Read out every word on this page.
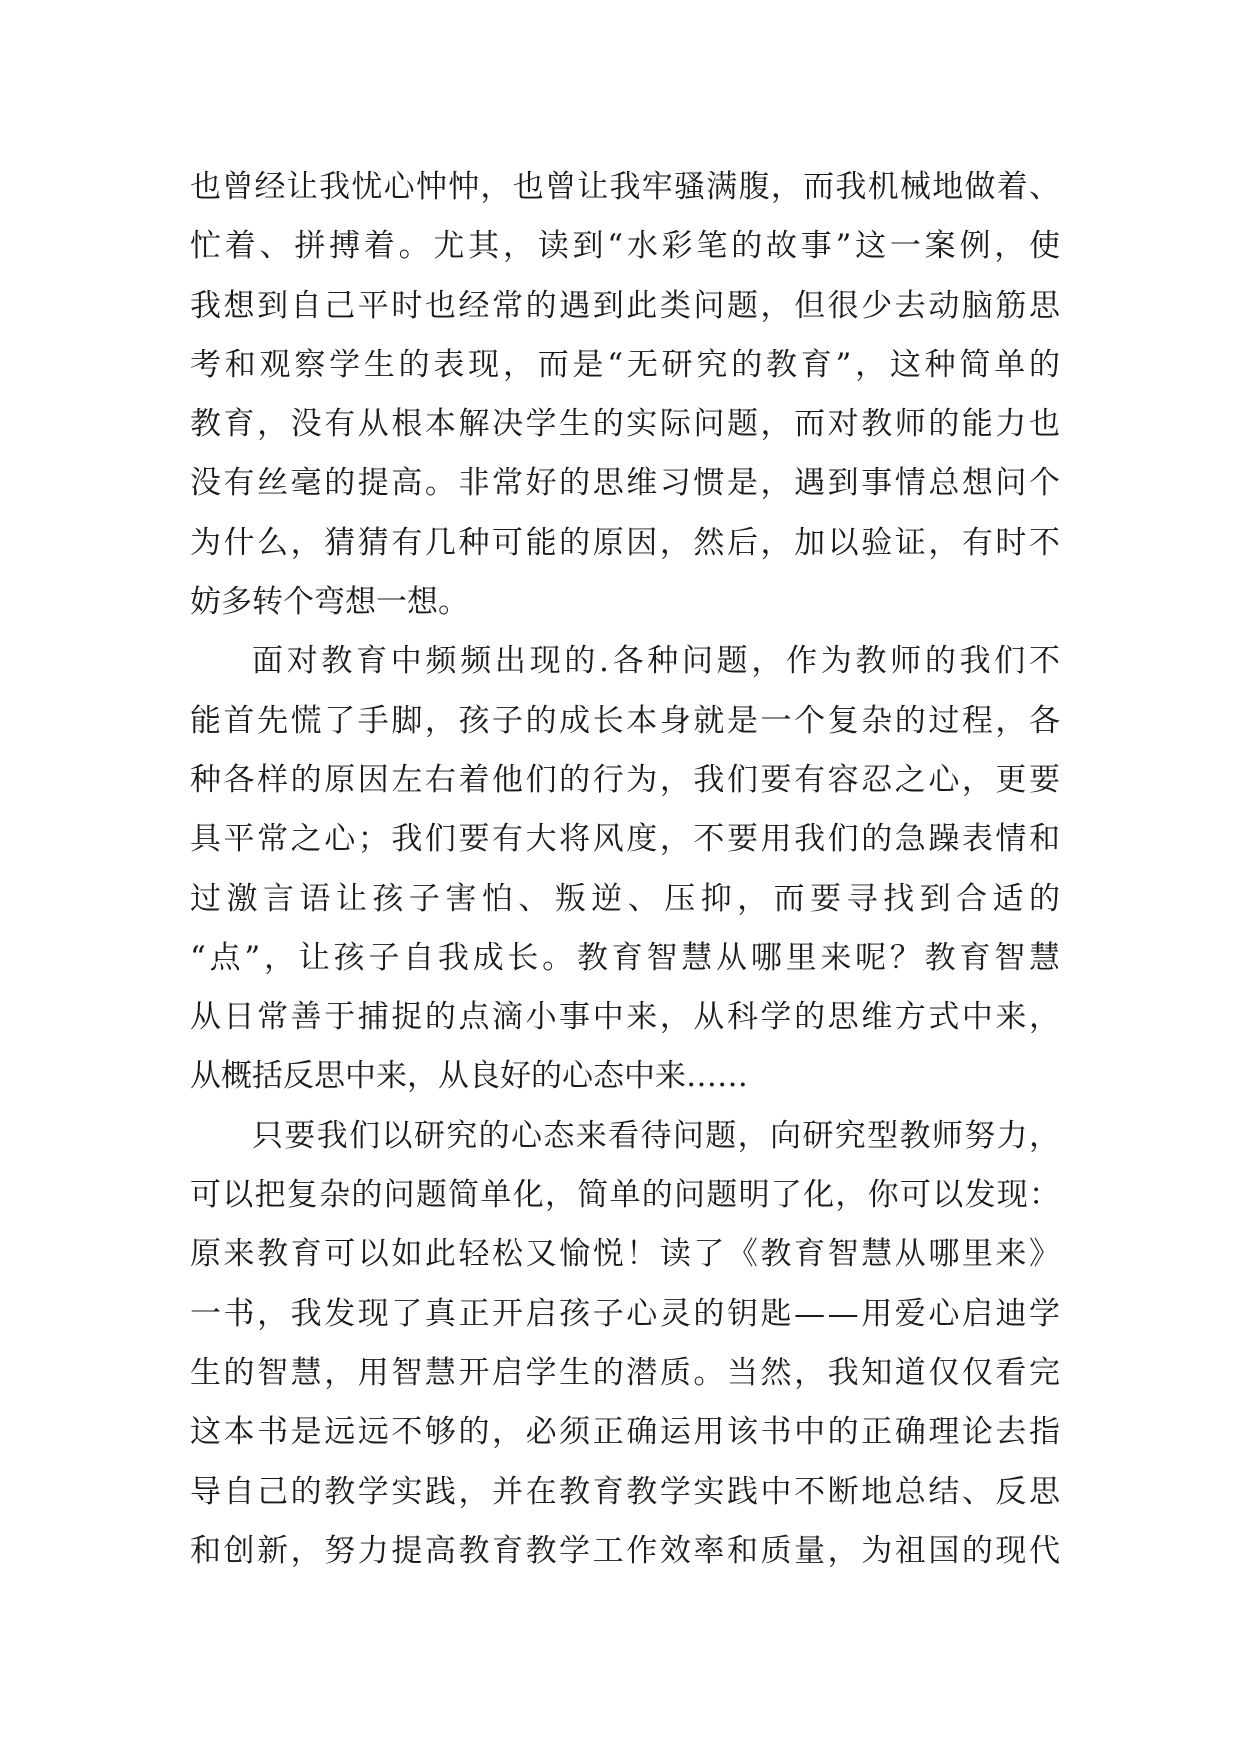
也曾经让我忧心忡忡，也曾让我牢骚满腹，而我机械地做着、
忙着、拼搏着。尤其，读到“水彩笔的故事”这一案例，使
我想到自己平时也经常的遇到此类问题，但很少去动脑筋思
考和观察学生的表现，而是“无研究的教育”，这种简单的
教育，没有从根本解决学生的实际问题，而对教师的能力也
没有丝毫的提高。非常好的思维习惯是，遇到事情总想问个
为什么，猜猜有几种可能的原因，然后，加以验证，有时不
妨多转个弯想一想。
面对教育中频频出现的.各种问题，作为教师的我们不
能首先慌了手脚，孩子的成长本身就是一个复杂的过程，各
种各样的原因左右着他们的行为，我们要有容忍之心，更要
具平常之心；我们要有大将风度，不要用我们的急躁表情和
过激言语让孩子害怕、叛逆、压抑，而要寻找到合适的
“点”，让孩子自我成长。教育智慧从哪里来呢？教育智慧
从日常善于捕捉的点滴小事中来，从科学的思维方式中来，
从概括反思中来，从良好的心态中来……
只要我们以研究的心态来看待问题，向研究型教师努力，
可以把复杂的问题简单化，简单的问题明了化，你可以发现：
原来教育可以如此轻松又愉悦！读了《教育智慧从哪里来》
一书，我发现了真正开启孩子心灵的钥匙——用爱心启迪学
生的智慧，用智慧开启学生的潜质。当然，我知道仅仅看完
这本书是远远不够的，必须正确运用该书中的正确理论去指
导自己的教学实践，并在教育教学实践中不断地总结、反思
和创新，努力提高教育教学工作效率和质量，为祖国的现代
